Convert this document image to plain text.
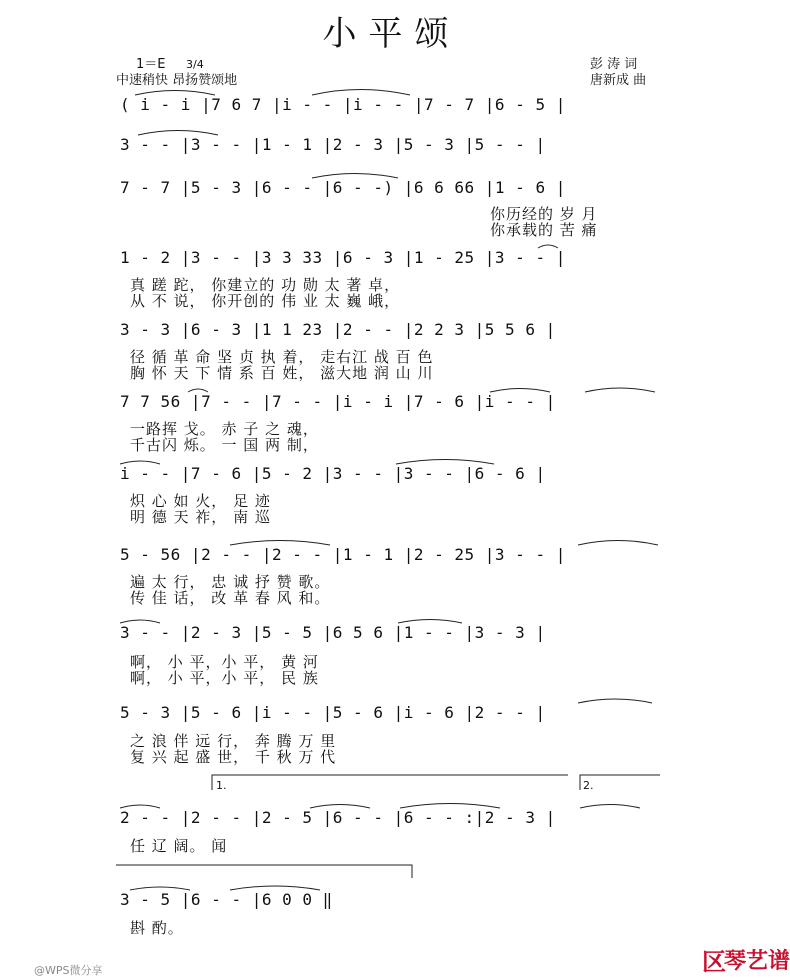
小平颂
1＝E 3/4
中速稍快 昂扬赞颂地
彭 涛 词
唐新成 曲
( i - i |7 6 7 |i - - |i - - |7 - 7 |6 - 5 |
3 - - |3 - - |1 - 1 |2 - 3 |5 - 3 |5 - - |
7 - 7 |5 - 3 |6 - - |6 - -) |6 6 66 |1 - 6 |
你历经的 岁 月
你承载的 苦 痛
1 - 2 |3 - - |3 3 33 |6 - 3 |1 - 25 |3 - - |
真 蹉 跎， 你建立的 功 勋 太 著 卓，
从 不 说， 你开创的 伟 业 太 巍 峨，
3 - 3 |6 - 3 |1 1 23 |2 - - |2 2 3 |5 5 6 |
径 循 革 命 坚 贞 执 着， 走右江 战 百 色
胸 怀 天 下 情 系 百 姓， 滋大地 润 山 川
7 7 56 |7 - - |7 - - |i - i |7 - 6 |i - - |
一路挥 戈。 赤 子 之 魂，
千古闪 烁。 一 国 两 制，
i - - |7 - 6 |5 - 2 |3 - - |3 - - |6 - 6 |
炽 心 如 火， 足 迹
明 德 天 祚， 南 巡
5 - 56 |2 - - |2 - - |1 - 1 |2 - 25 |3 - - |
遍 太 行， 忠 诚 抒 赞 歌。
传 佳 话， 改 革 春 风 和。
3 - - |2 - 3 |5 - 5 |6 5 6 |1 - - |3 - 3 |
啊， 小 平，小 平， 黄 河
啊， 小 平，小 平， 民 族
5 - 3 |5 - 6 |i - - |5 - 6 |i - 6 |2 - - |
之 浪 伴 远 行， 奔 腾 万 里
复 兴 起 盛 世， 千 秋 万 代
1.	2.
2 - - |2 - - |2 - 5 |6 - - |6 - - :|2 - 3 |
任 辽 阔。 闻
3 - 5 |6 - - |6 0 0 ‖
斟 酌。
@WPS微分享	区
琴艺谱
